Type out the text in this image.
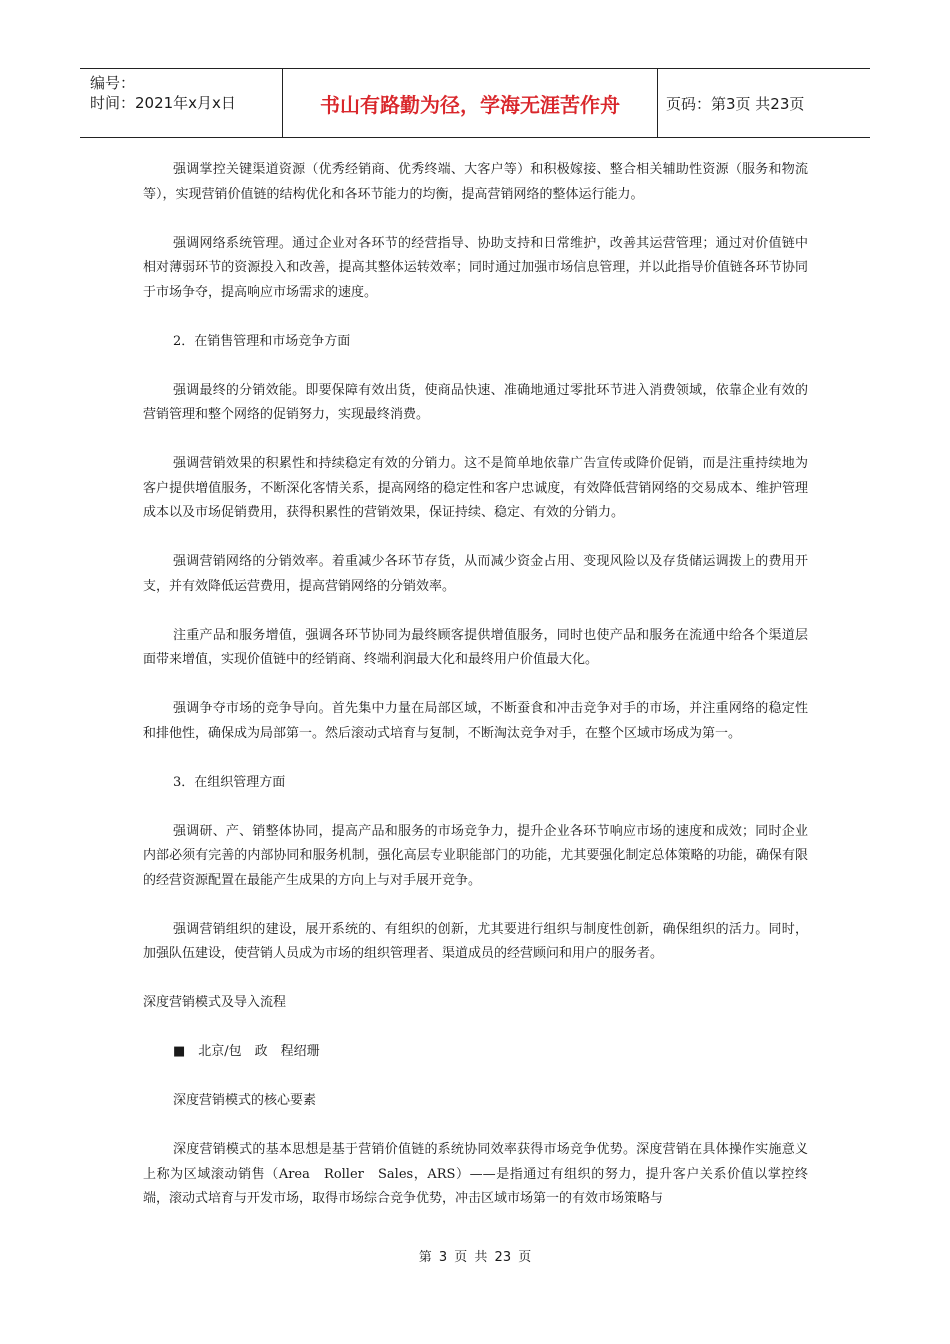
编号：
时间：2021年x月x日	书山有路勤为径，学海无涯苦作舟	页码：第3页 共23页

强调掌控关键渠道资源（优秀经销商、优秀终端、大客户等）和积极嫁接、整合相关辅助性资源（服务和物流等），实现营销价值链的结构优化和各环节能力的均衡，提高营销网络的整体运行能力。

强调网络系统管理。通过企业对各环节的经营指导、协助支持和日常维护，改善其运营管理；通过对价值链中相对薄弱环节的资源投入和改善，提高其整体运转效率；同时通过加强市场信息管理，并以此指导价值链各环节协同于市场争夺，提高响应市场需求的速度。

2．在销售管理和市场竞争方面

强调最终的分销效能。即要保障有效出货，使商品快速、准确地通过零批环节进入消费领域，依靠企业有效的营销管理和整个网络的促销努力，实现最终消费。

强调营销效果的积累性和持续稳定有效的分销力。这不是简单地依靠广告宣传或降价促销，而是注重持续地为客户提供增值服务，不断深化客情关系，提高网络的稳定性和客户忠诚度，有效降低营销网络的交易成本、维护管理成本以及市场促销费用，获得积累性的营销效果，保证持续、稳定、有效的分销力。

强调营销网络的分销效率。着重减少各环节存货，从而减少资金占用、变现风险以及存货储运调拨上的费用开支，并有效降低运营费用，提高营销网络的分销效率。

注重产品和服务增值，强调各环节协同为最终顾客提供增值服务，同时也使产品和服务在流通中给各个渠道层面带来增值，实现价值链中的经销商、终端利润最大化和最终用户价值最大化。

强调争夺市场的竞争导向。首先集中力量在局部区域，不断蚕食和冲击竞争对手的市场，并注重网络的稳定性和排他性，确保成为局部第一。然后滚动式培育与复制，不断淘汰竞争对手，在整个区域市场成为第一。

3．在组织管理方面

强调研、产、销整体协同，提高产品和服务的市场竞争力，提升企业各环节响应市场的速度和成效；同时企业内部必须有完善的内部协同和服务机制，强化高层专业职能部门的功能，尤其要强化制定总体策略的功能，确保有限的经营资源配置在最能产生成果的方向上与对手展开竞争。

强调营销组织的建设，展开系统的、有组织的创新，尤其要进行组织与制度性创新，确保组织的活力。同时，加强队伍建设，使营销人员成为市场的组织管理者、渠道成员的经营顾问和用户的服务者。

深度营销模式及导入流程

■　北京/包　政　程绍珊

深度营销模式的核心要素

深度营销模式的基本思想是基于营销价值链的系统协同效率获得市场竞争优势。深度营销在具体操作实施意义上称为区域滚动销售（Area　Roller　Sales，ARS）——是指通过有组织的努力，提升客户关系价值以掌控终端，滚动式培育与开发市场，取得市场综合竞争优势，冲击区域市场第一的有效市场策略与

第 3 页 共 23 页
